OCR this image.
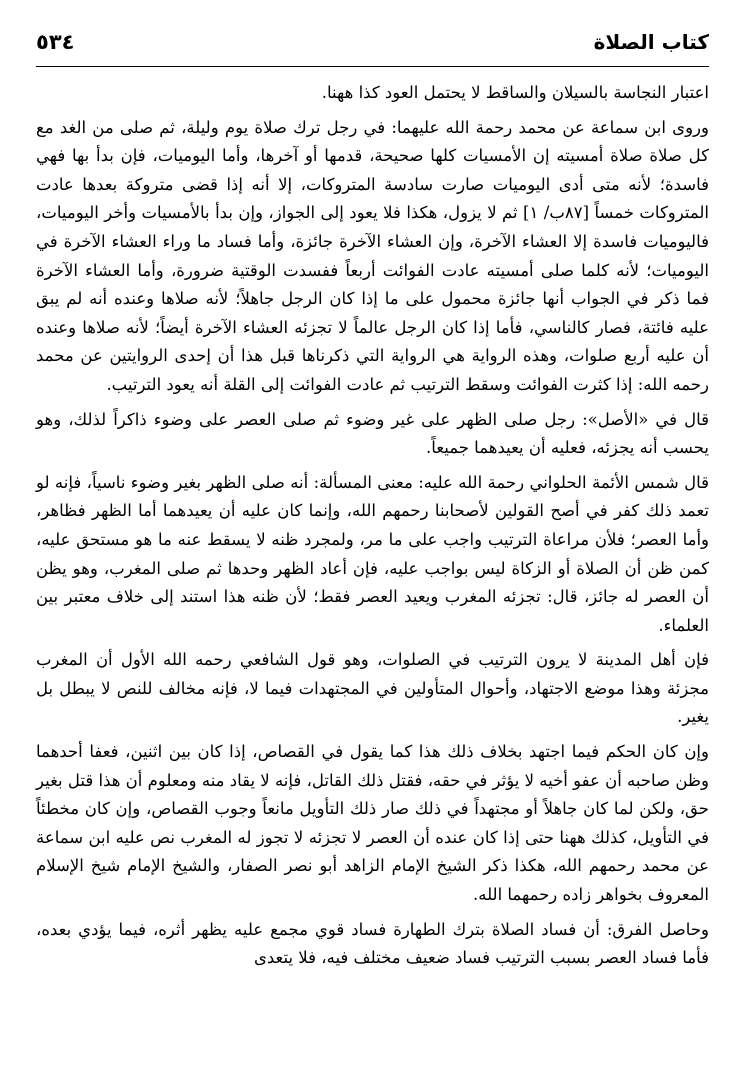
كتاب الصلاة
٥٣٤

اعتبار النجاسة بالسيلان والساقط لا يحتمل العود كذا ههنا.

وروى ابن سماعة عن محمد رحمة الله عليهما: في رجل ترك صلاة يوم وليلة، ثم صلى من الغد مع كل صلاة صلاة أمسيته إن الأمسيات كلها صحيحة، قدمها أو آخرها، وأما اليوميات، فإن بدأ بها فهي فاسدة؛ لأنه متى أدى اليوميات صارت سادسة المتروكات، إلا أنه إذا قضى متروكة بعدها عادت المتروكات خمساً [٨٧ب/ ١] ثم لا يزول، هكذا فلا يعود إلى الجواز، وإن بدأ بالأمسيات وأخر اليوميات، فاليوميات فاسدة إلا العشاء الآخرة، وإن العشاء الآخرة جائزة، وأما فساد ما وراء العشاء الآخرة في اليوميات؛ لأنه كلما صلى أمسيته عادت الفوائت أربعاً ففسدت الوقتية ضرورة، وأما العشاء الآخرة فما ذكر في الجواب أنها جائزة محمول على ما إذا كان الرجل جاهلاً؛ لأنه صلاها وعنده أنه لم يبق عليه فائتة، فصار كالناسي، فأما إذا كان الرجل عالماً لا تجزئه العشاء الآخرة أيضاً؛ لأنه صلاها وعنده أن عليه أربع صلوات، وهذه الرواية هي الرواية التي ذكرناها قبل هذا أن إحدى الروايتين عن محمد رحمه الله: إذا كثرت الفوائت وسقط الترتيب ثم عادت الفوائت إلى القلة أنه يعود الترتيب.

قال في «الأصل»: رجل صلى الظهر على غير وضوء ثم صلى العصر على وضوء ذاكراً لذلك، وهو يحسب أنه يجزئه، فعليه أن يعيدهما جميعاً.

قال شمس الأئمة الحلواني رحمة الله عليه: معنى المسألة: أنه صلى الظهر بغير وضوء ناسياً، فإنه لو تعمد ذلك كفر في أصح القولين لأصحابنا رحمهم الله، وإنما كان عليه أن يعيدهما أما الظهر فظاهر، وأما العصر؛ فلأن مراعاة الترتيب واجب على ما مر، ولمجرد ظنه لا يسقط عنه ما هو مستحق عليه، كمن ظن أن الصلاة أو الزكاة ليس بواجب عليه، فإن أعاد الظهر وحدها ثم صلى المغرب، وهو يظن أن العصر له جائز، قال: تجزئه المغرب ويعيد العصر فقط؛ لأن ظنه هذا استند إلى خلاف معتبر بين العلماء.

فإن أهل المدينة لا يرون الترتيب في الصلوات، وهو قول الشافعي رحمه الله الأول أن المغرب مجزئة وهذا موضع الاجتهاد، وأحوال المتأولين في المجتهدات فيما لا، فإنه مخالف للنص لا يبطل بل يغير.

وإن كان الحكم فيما اجتهد بخلاف ذلك هذا كما يقول في القصاص، إذا كان بين اثنين، فعفا أحدهما وظن صاحبه أن عفو أخيه لا يؤثر في حقه، فقتل ذلك القاتل، فإنه لا يقاد منه ومعلوم أن هذا قتل بغير حق، ولكن لما كان جاهلاً أو مجتهداً في ذلك صار ذلك التأويل مانعاً وجوب القصاص، وإن كان مخطئاً في التأويل، كذلك ههنا حتى إذا كان عنده أن العصر لا تجزئه لا تجوز له المغرب نص عليه ابن سماعة عن محمد رحمهم الله، هكذا ذكر الشيخ الإمام الزاهد أبو نصر الصفار، والشيخ الإمام شيخ الإسلام المعروف بخواهر زاده رحمهما الله.

وحاصل الفرق: أن فساد الصلاة بترك الطهارة فساد قوي مجمع عليه يظهر أثره، فيما يؤدي بعده، فأما فساد العصر بسبب الترتيب فساد ضعيف مختلف فيه، فلا يتعدى
